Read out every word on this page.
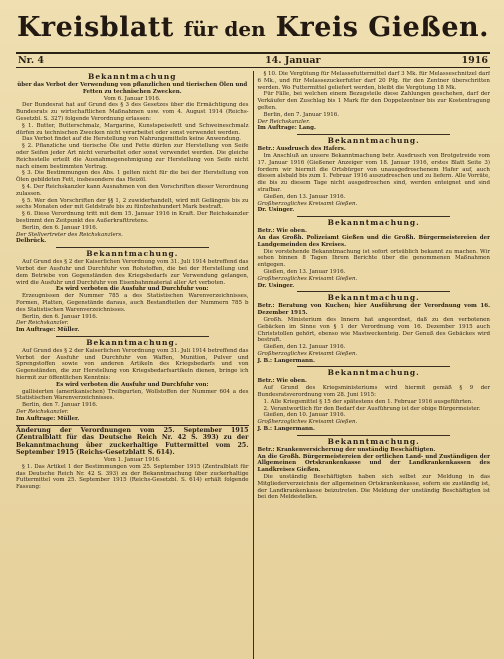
Kreisblatt für den Kreis Gießen.
Nr. 4	14. Januar	1916
Bekanntmachung

über das Verbot der Verwendung von pflanzlichen und tierischen Ölen und Fetten zu technischen Zwecken.

Vom 6. Januar 1916.

Der Bundesrat hat auf Grund des § 3 des Gesetzes über die Ermächtigung des Bundesrats zu wirtschaftlichen Maßnahmen usw. vom 4. August 1914 (Reichs-Gesetzbl. S. 327) folgende Verordnung erlassen:

§ 1. Butter, Butterschmalz, Margarine, Kunstspeisefett und Schweineschmalz dürfen zu technischen Zwecken nicht verarbeitet oder sonst verwendet werden.

Das Verbot findet auf die Herstellung von Nahrungsmitteln keine Anwendung.

§ 2. Pflanzliche und tierische Öle und Fette dürfen zur Herstellung von Seife oder Seifen jeder Art nicht verarbeitet oder sonst verwendet werden. Die gleiche Reichsstelle erteilt die Ausnahmegenehmigung zur Herstellung von Seife nicht nach einem bestimmten Vertrag.

§ 3. Die Bestimmungen des Abs. 1 gelten nicht für die bei der Herstellung von Ölen gebildeten Fett, insbesondere das Heizöl.

§ 4. Der Reichskanzler kann Ausnahmen von den Vorschriften dieser Verordnung zulassen.

§ 5. Wer den Vorschriften der §§ 1, 2 zuwiderhandelt, wird mit Gefängnis bis zu sechs Monaten oder mit Geldstrafe bis zu fünfzehnhundert Mark bestraft.

§ 6. Diese Verordnung tritt mit dem 15. Januar 1916 in Kraft. Der Reichskanzler bestimmt den Zeitpunkt des Außerkrafttretens.

Berlin, den 6. Januar 1916.

Der Stellvertreter des Reichskanzlers.

Delbrück.

Bekanntmachung.

Auf Grund des § 2 der Kaiserlichen Verordnung vom 31. Juli 1914 betreffend das Verbot der Ausfuhr und Durchfuhr von Rohstoffen, die bei der Herstellung und dem Betriebe von Gegenständen des Kriegsbedarfs zur Verwendung gelangen, wird die Ausfuhr und Durchfuhr von Eisenbahnmaterial aller Art verboten.

Es wird verboten die Ausfuhr und Durchfuhr von:

Erzeugnissen der Nummer 785 a des Statistischen Warenverzeichnisses, Formen, Platten, Gegenstände daraus, auch Bestandteilen der Nummern 785 b des Statistischen Warenverzeichnisses.

Berlin, den 6. Januar 1916.

Der Reichskanzler.

Im Auftrage: Müller.

Bekanntmachung.

Auf Grund des § 2 der Kaiserlichen Verordnung vom 31. Juli 1914 betreffend das Verbot der Ausfuhr und Durchfuhr von Waffen, Munition, Pulver und Sprengstoffen sowie von anderen Artikeln des Kriegsbedarfs und von Gegenständen, die zur Herstellung von Kriegsbedarfsartikeln dienen, bringe ich hiermit zur öffentlichen Kenntnis:

Es wird verboten die Ausfuhr und Durchfuhr von:

gallisierten (amerikanischen) Treibgurten, Wollstoffen der Nummer 604 a des Statistischen Warenverzeichnisses.

Berlin, den 7. Januar 1916.

Der Reichskanzler.

Im Auftrage: Müller.

Änderung der Verordnungen vom 25. September 1915 (Zentralblatt für das Deutsche Reich Nr. 42 S. 393) zu der Bekanntmachung über zuckerhaltige Futtermittel vom 25. September 1915 (Reichs-Gesetzblatt S. 614).

Vom 1. Januar 1916.

§ 1. Das Artikel 1 der Bestimmungen vom 25. September 1915 (Zentralblatt für das Deutsche Reich Nr. 42 S. 393) zu der Bekanntmachung über zuckerhaltige Futtermittel vom 25. September 1915 (Reichs-Gesetzbl. S. 614) erhält folgende Fassung:

§ 10. Die Vergütung für Melassefuttermittel darf 3 Mk. für Melasseschnitzel darf 6 Mk., und für Melassezuckerfutter darf 20 Pfg. für den Zentner überschritten werden. Wo Futtermittel geliefert werden, bleibt die Vergütung 18 Mk.

Für Fälle, bei welchen einem Bezugsteile diese Zahlungen geschehen, darf der Verkäufer den Zuschlag bis 1 Mark für den Doppelzentner bis zur Kostentragung gelten.

Berlin, den 7. Januar 1916.

Der Reichskanzler.

Im Auftrage: Lang.

Bekanntmachung.

Betr.: Ausdrusch des Hafers.

Im Anschluß an unsere Bekanntmachung betr. Ausdrusch von Brotgetreide vom 17. Januar 1916 (Gießener Anzeiger vom 18. Januar 1916, erstes Blatt Seite 3) fordern wir hiermit die Ortsbürger von unausgedroschenem Hafer auf, auch diesen alsbald bis zum 1. Februar 1916 auszudreschen und zu liefern. Alle Vorräte, die bis zu diesem Tage nicht ausgedroschen sind, werden enteignet und sind strafbar.

Gießen, den 13. Januar 1916.

Großherzogliches Kreisamt Gießen.

Dr. Usinger.

Bekanntmachung.

Betr.: Wie oben.

An das Großh. Polizeiamt Gießen und die Großh. Bürgermeistereien der Landgemeinden des Kreises.

Die vorstehende Bekanntmachung ist sofort ortsüblich bekannt zu machen. Wir sehen binnen 8 Tagen Ihrem Berichte über die genommenen Maßnahmen entgegen.

Gießen, den 13. Januar 1916.

Großherzogliches Kreisamt Gießen.

Dr. Usinger.

Bekanntmachung.

Betr.: Beratung von Kuchen; hier Ausführung der Verordnung vom 16. Dezember 1915.

Großh. Ministerium des Innern hat angeordnet, daß zu den verbotenen Gebäcken im Sinne von § 1 der Verordnung vom 16. Dezember 1915 auch Christstollen gehört, ebenso wie Mastweckenteig. Der Genuß des Gebäckes wird bestraft.

Gießen, den 12. Januar 1916.

Großherzogliches Kreisamt Gießen.

J. B.: Langermann.

Bekanntmachung.

Betr.: Wie oben.

Auf Grund des Kriegsministeriums wird hiermit gemäß § 9 der Bundesratsverordnung vom 28. Juni 1915:

1. Alle Kriegsmittel § 15 der spätestens den 1. Februar 1916 ausgeführten.

2. Verantwortlich für den Bedarf der Ausführung ist der obige Bürgermeister.

Gießen, den 10. Januar 1916.

Großherzogliches Kreisamt Gießen.

J. B.: Langermann.

Bekanntmachung.

Betr.: Krankenversicherung der unständig Beschäftigten.

An die Großh. Bürgermeistereien der ortlichen Land- und Zuständigen der Allgemeinen Ortskrankenkasse und der Landkrankenkassen des Landkreises Gießen.

Die unständig Beschäftigten haben sich selbst zur Meldung in das Mitgliederverzeichnis der allgemeinen Ortskrankenkasse, sofern sie zuständig ist, der Landkrankenkasse beizutreten. Die Meldung der unständig Beschäftigten ist bei den Meldestellen.
